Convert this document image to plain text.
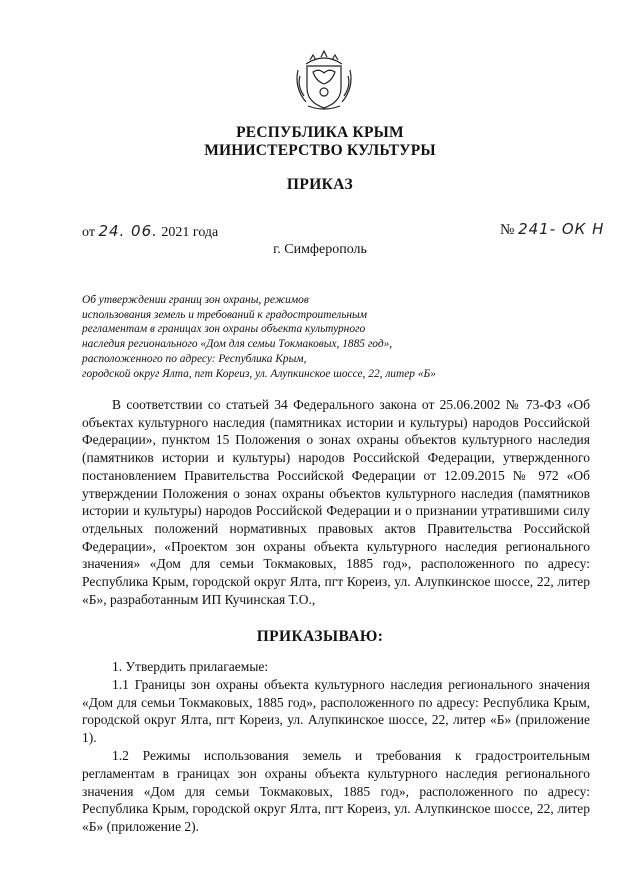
РЕСПУБЛИКА КРЫМ
МИНИСТЕРСТВО КУЛЬТУРЫ
ПРИКАЗ
от 24. 06. 2021 года	№ 241- ОК Н
г. Симферополь
Об утверждении границ зон охраны, режимов
использования земель и требований к градостроительным
регламентам в границах зон охраны объекта культурного
наследия регионального «Дом для семьи Токмаковых, 1885 год»,
расположенного по адресу: Республика Крым,
городской округ Ялта, пгт Кореиз, ул. Алупкинское шоссе, 22, литер «Б»

В соответствии со статьей 34 Федерального закона от 25.06.2002 № 73-ФЗ «Об объектах культурного наследия (памятниках истории и культуры) народов Российской Федерации», пунктом 15 Положения о зонах охраны объектов культурного наследия (памятников истории и культуры) народов Российской Федерации, утвержденного постановлением Правительства Российской Федерации от 12.09.2015 № 972 «Об утверждении Положения о зонах охраны объектов культурного наследия (памятников истории и культуры) народов Российской Федерации и о признании утратившими силу отдельных положений нормативных правовых актов Правительства Российской Федерации», «Проектом зон охраны объекта культурного наследия регионального значения» «Дом для семьи Токмаковых, 1885 год», расположенного по адресу: Республика Крым, городской округ Ялта, пгт Кореиз, ул. Алупкинское шоссе, 22, литер «Б», разработанным ИП Кучинская Т.О.,

ПРИКАЗЫВАЮ:

1. Утвердить прилагаемые:

1.1 Границы зон охраны объекта культурного наследия регионального значения «Дом для семьи Токмаковых, 1885 год», расположенного по адресу: Республика Крым, городской округ Ялта, пгт Кореиз, ул. Алупкинское шоссе, 22, литер «Б» (приложение 1).

1.2 Режимы использования земель и требования к градостроительным регламентам в границах зон охраны объекта культурного наследия регионального значения «Дом для семьи Токмаковых, 1885 год», расположенного по адресу: Республика Крым, городской округ Ялта, пгт Кореиз, ул. Алупкинское шоссе, 22, литер «Б» (приложение 2).
